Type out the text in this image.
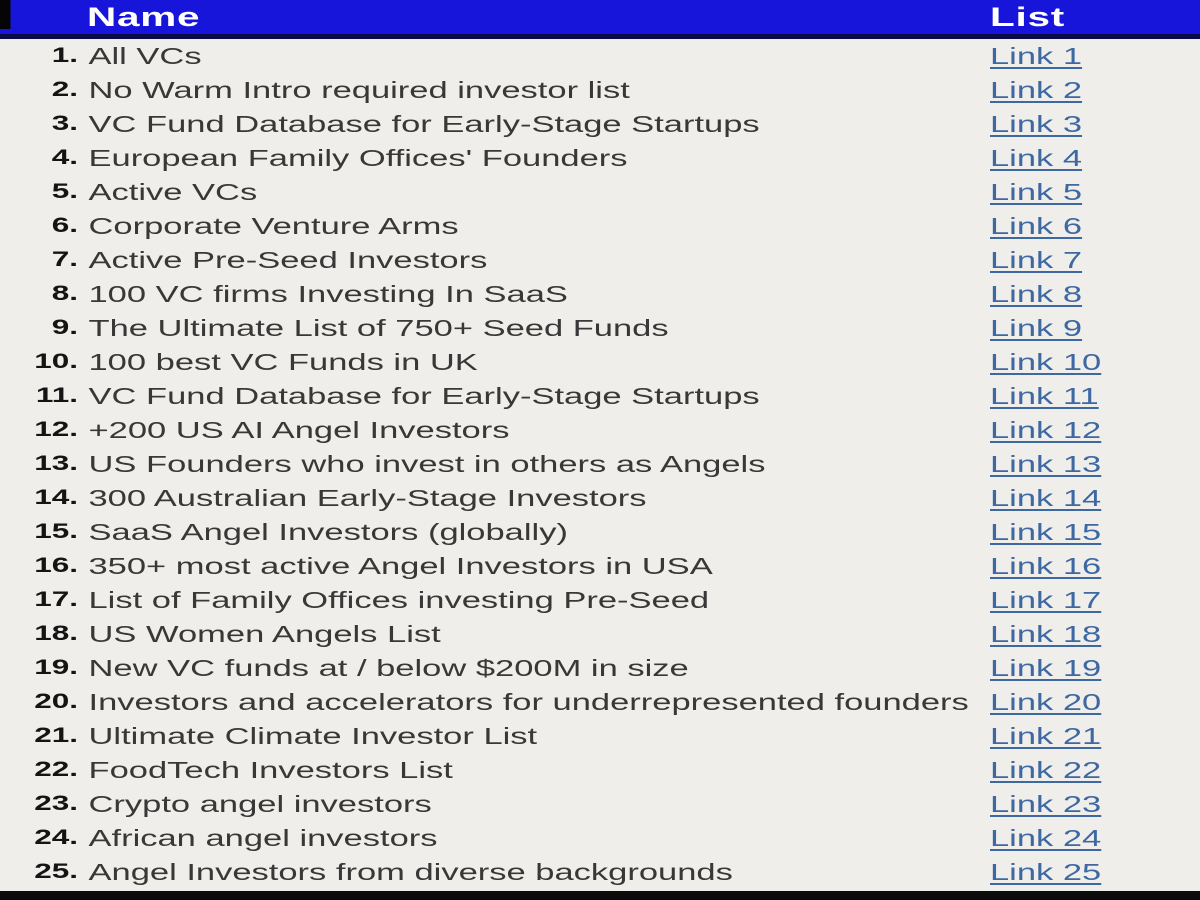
Name	List
1. All VCs	Link 1
2. No Warm Intro required investor list	Link 2
3. VC Fund Database for Early-Stage Startups	Link 3
4. European Family Offices' Founders	Link 4
5. Active VCs	Link 5
6. Corporate Venture Arms	Link 6
7. Active Pre-Seed Investors	Link 7
8. 100 VC firms Investing In SaaS	Link 8
9. The Ultimate List of 750+ Seed Funds	Link 9
10. 100 best VC Funds in UK	Link 10
11. VC Fund Database for Early-Stage Startups	Link 11
12. +200 US AI Angel Investors	Link 12
13. US Founders who invest in others as Angels	Link 13
14. 300 Australian Early-Stage Investors	Link 14
15. SaaS Angel Investors (globally)	Link 15
16. 350+ most active Angel Investors in USA	Link 16
17. List of Family Offices investing Pre-Seed	Link 17
18. US Women Angels List	Link 18
19. New VC funds at / below $200M in size	Link 19
20. Investors and accelerators for underrepresented founders Link 20
21. Ultimate Climate Investor List	Link 21
22. FoodTech Investors List	Link 22
23. Crypto angel investors	Link 23
24. African angel investors	Link 24
25. Angel Investors from diverse backgrounds	Link 25
